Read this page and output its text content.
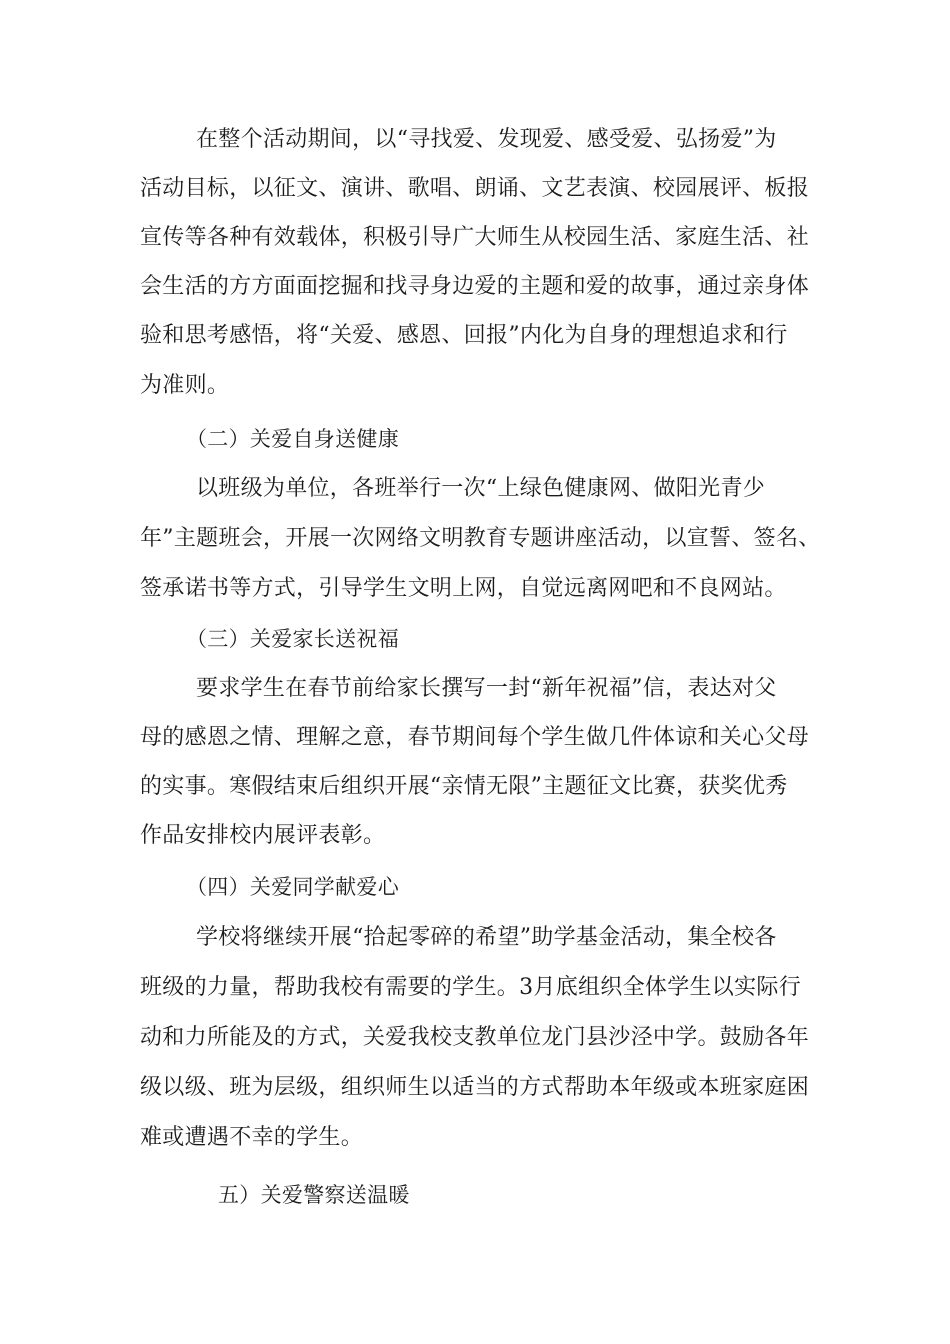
在整个活动期间，以“寻找爱、发现爱、感受爱、弘扬爱”为
活动目标，以征文、演讲、歌唱、朗诵、文艺表演、校园展评、板报
宣传等各种有效载体，积极引导广大师生从校园生活、家庭生活、社
会生活的方方面面挖掘和找寻身边爱的主题和爱的故事，通过亲身体
验和思考感悟，将“关爱、感恩、回报”内化为自身的理想追求和行
为准则。
（二）关爱自身送健康
以班级为单位，各班举行一次“上绿色健康网、做阳光青少
年”主题班会，开展一次网络文明教育专题讲座活动，以宣誓、签名、
签承诺书等方式，引导学生文明上网，自觉远离网吧和不良网站。
（三）关爱家长送祝福
要求学生在春节前给家长撰写一封“新年祝福”信，表达对父
母的感恩之情、理解之意，春节期间每个学生做几件体谅和关心父母
的实事。寒假结束后组织开展“亲情无限”主题征文比赛，获奖优秀
作品安排校内展评表彰。
（四）关爱同学献爱心
学校将继续开展“拾起零碎的希望”助学基金活动，集全校各
班级的力量，帮助我校有需要的学生。3月底组织全体学生以实际行
动和力所能及的方式，关爱我校支教单位龙门县沙泾中学。鼓励各年
级以级、班为层级，组织师生以适当的方式帮助本年级或本班家庭困
难或遭遇不幸的学生。
五）关爱警察送温暖
